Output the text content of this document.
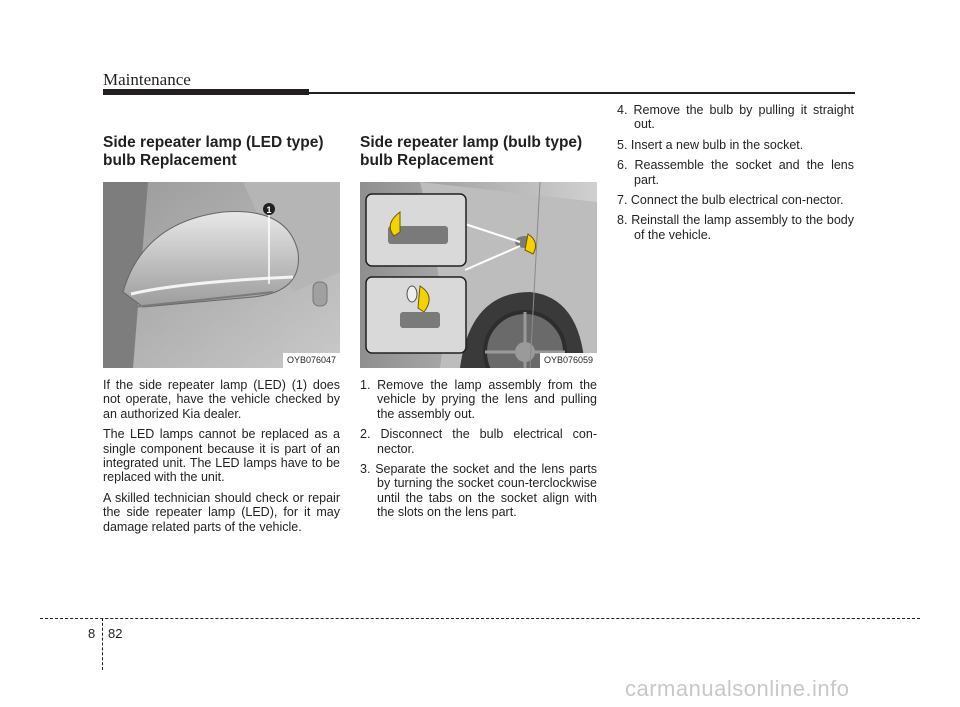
Maintenance
Side repeater lamp (LED type)
bulb Replacement
1
OYB076047

If the side repeater lamp (LED) (1) does not operate, have the vehicle checked by an authorized Kia dealer.

The LED lamps cannot be replaced as a single component because it is part of an integrated unit. The LED lamps have to be replaced with the unit.

A skilled technician should check or repair the side repeater lamp (LED), for it may damage related parts of the vehicle.

Side repeater lamp (bulb type)
bulb Replacement
OYB076059
1. Remove the lamp assembly from the vehicle by prying the lens and pulling the assembly out.
2. Disconnect the bulb electrical con-nector.
3. Separate the socket and the lens parts by turning the socket coun-terclockwise until the tabs on the socket align with the slots on the lens part.
4. Remove the bulb by pulling it straight out.
5. Insert a new bulb in the socket.
6. Reassemble the socket and the lens part.
7. Connect the bulb electrical con-nector.
8. Reinstall the lamp assembly to the body of the vehicle.
8 82
carmanualsonline.info
